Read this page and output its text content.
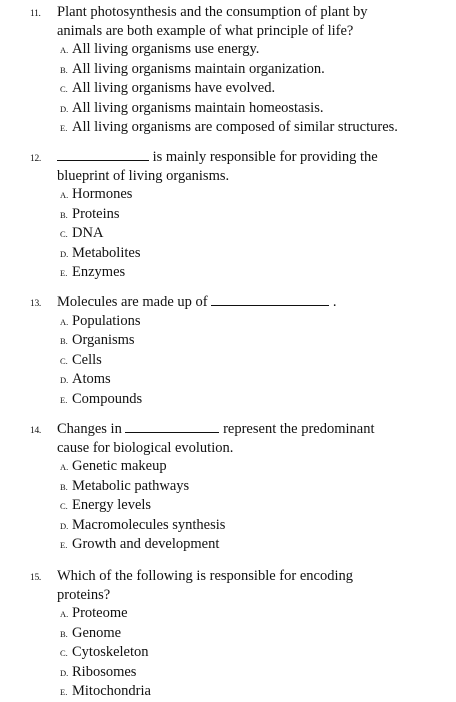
11. Plant photosynthesis and the consumption of plant by
animals are both example of what principle of life?
A. All living organisms use energy.
B. All living organisms maintain organization.
C. All living organisms have evolved.
D. All living organisms maintain homeostasis.
E. All living organisms are composed of similar structures.
12.	is mainly responsible for providing the
blueprint of living organisms.
A. Hormones
B. Proteins
C. DNA
D. Metabolites
E. Enzymes
13. Molecules are made up of	.
A. Populations
B. Organisms
C. Cells
D. Atoms
E. Compounds
14. Changes in	represent the predominant
cause for biological evolution.
A. Genetic makeup
B. Metabolic pathways
C. Energy levels
D. Macromolecules synthesis
E. Growth and development
15. Which of the following is responsible for encoding
proteins?
A. Proteome
B. Genome
C. Cytoskeleton
D. Ribosomes
E. Mitochondria
